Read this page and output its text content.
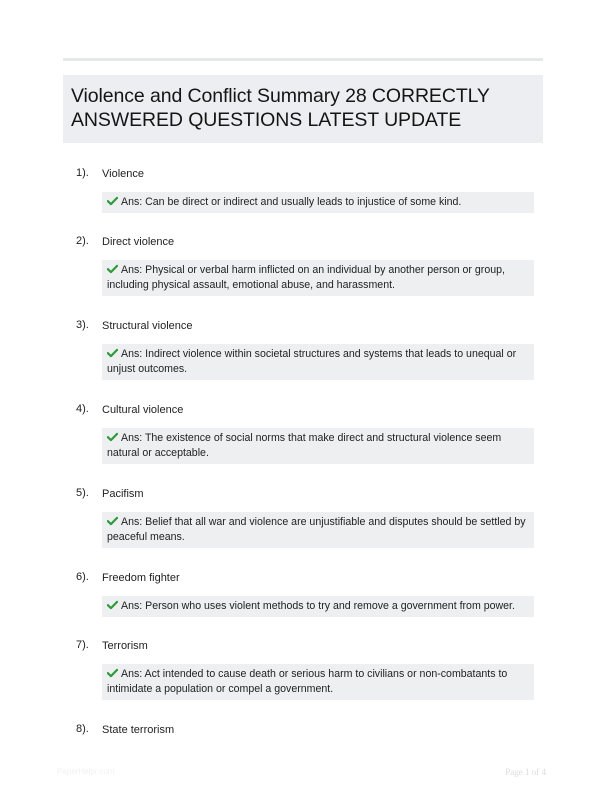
Violence and Conflict Summary 28 CORRECTLY ANSWERED QUESTIONS LATEST UPDATE
1). Violence
Ans: Can be direct or indirect and usually leads to injustice of some kind.
2). Direct violence
Ans: Physical or verbal harm inflicted on an individual by another person or group, including physical assault, emotional abuse, and harassment.
3). Structural violence
Ans: Indirect violence within societal structures and systems that leads to unequal or unjust outcomes.
4). Cultural violence
Ans: The existence of social norms that make direct and structural violence seem natural or acceptable.
5). Pacifism
Ans: Belief that all war and violence are unjustifiable and disputes should be settled by peaceful means.
6). Freedom fighter
Ans: Person who uses violent methods to try and remove a government from power.
7). Terrorism
Ans: Act intended to cause death or serious harm to civilians or non-combatants to intimidate a population or compel a government.
8). State terrorism
PaperHelpr.com	Page 1 of 4
